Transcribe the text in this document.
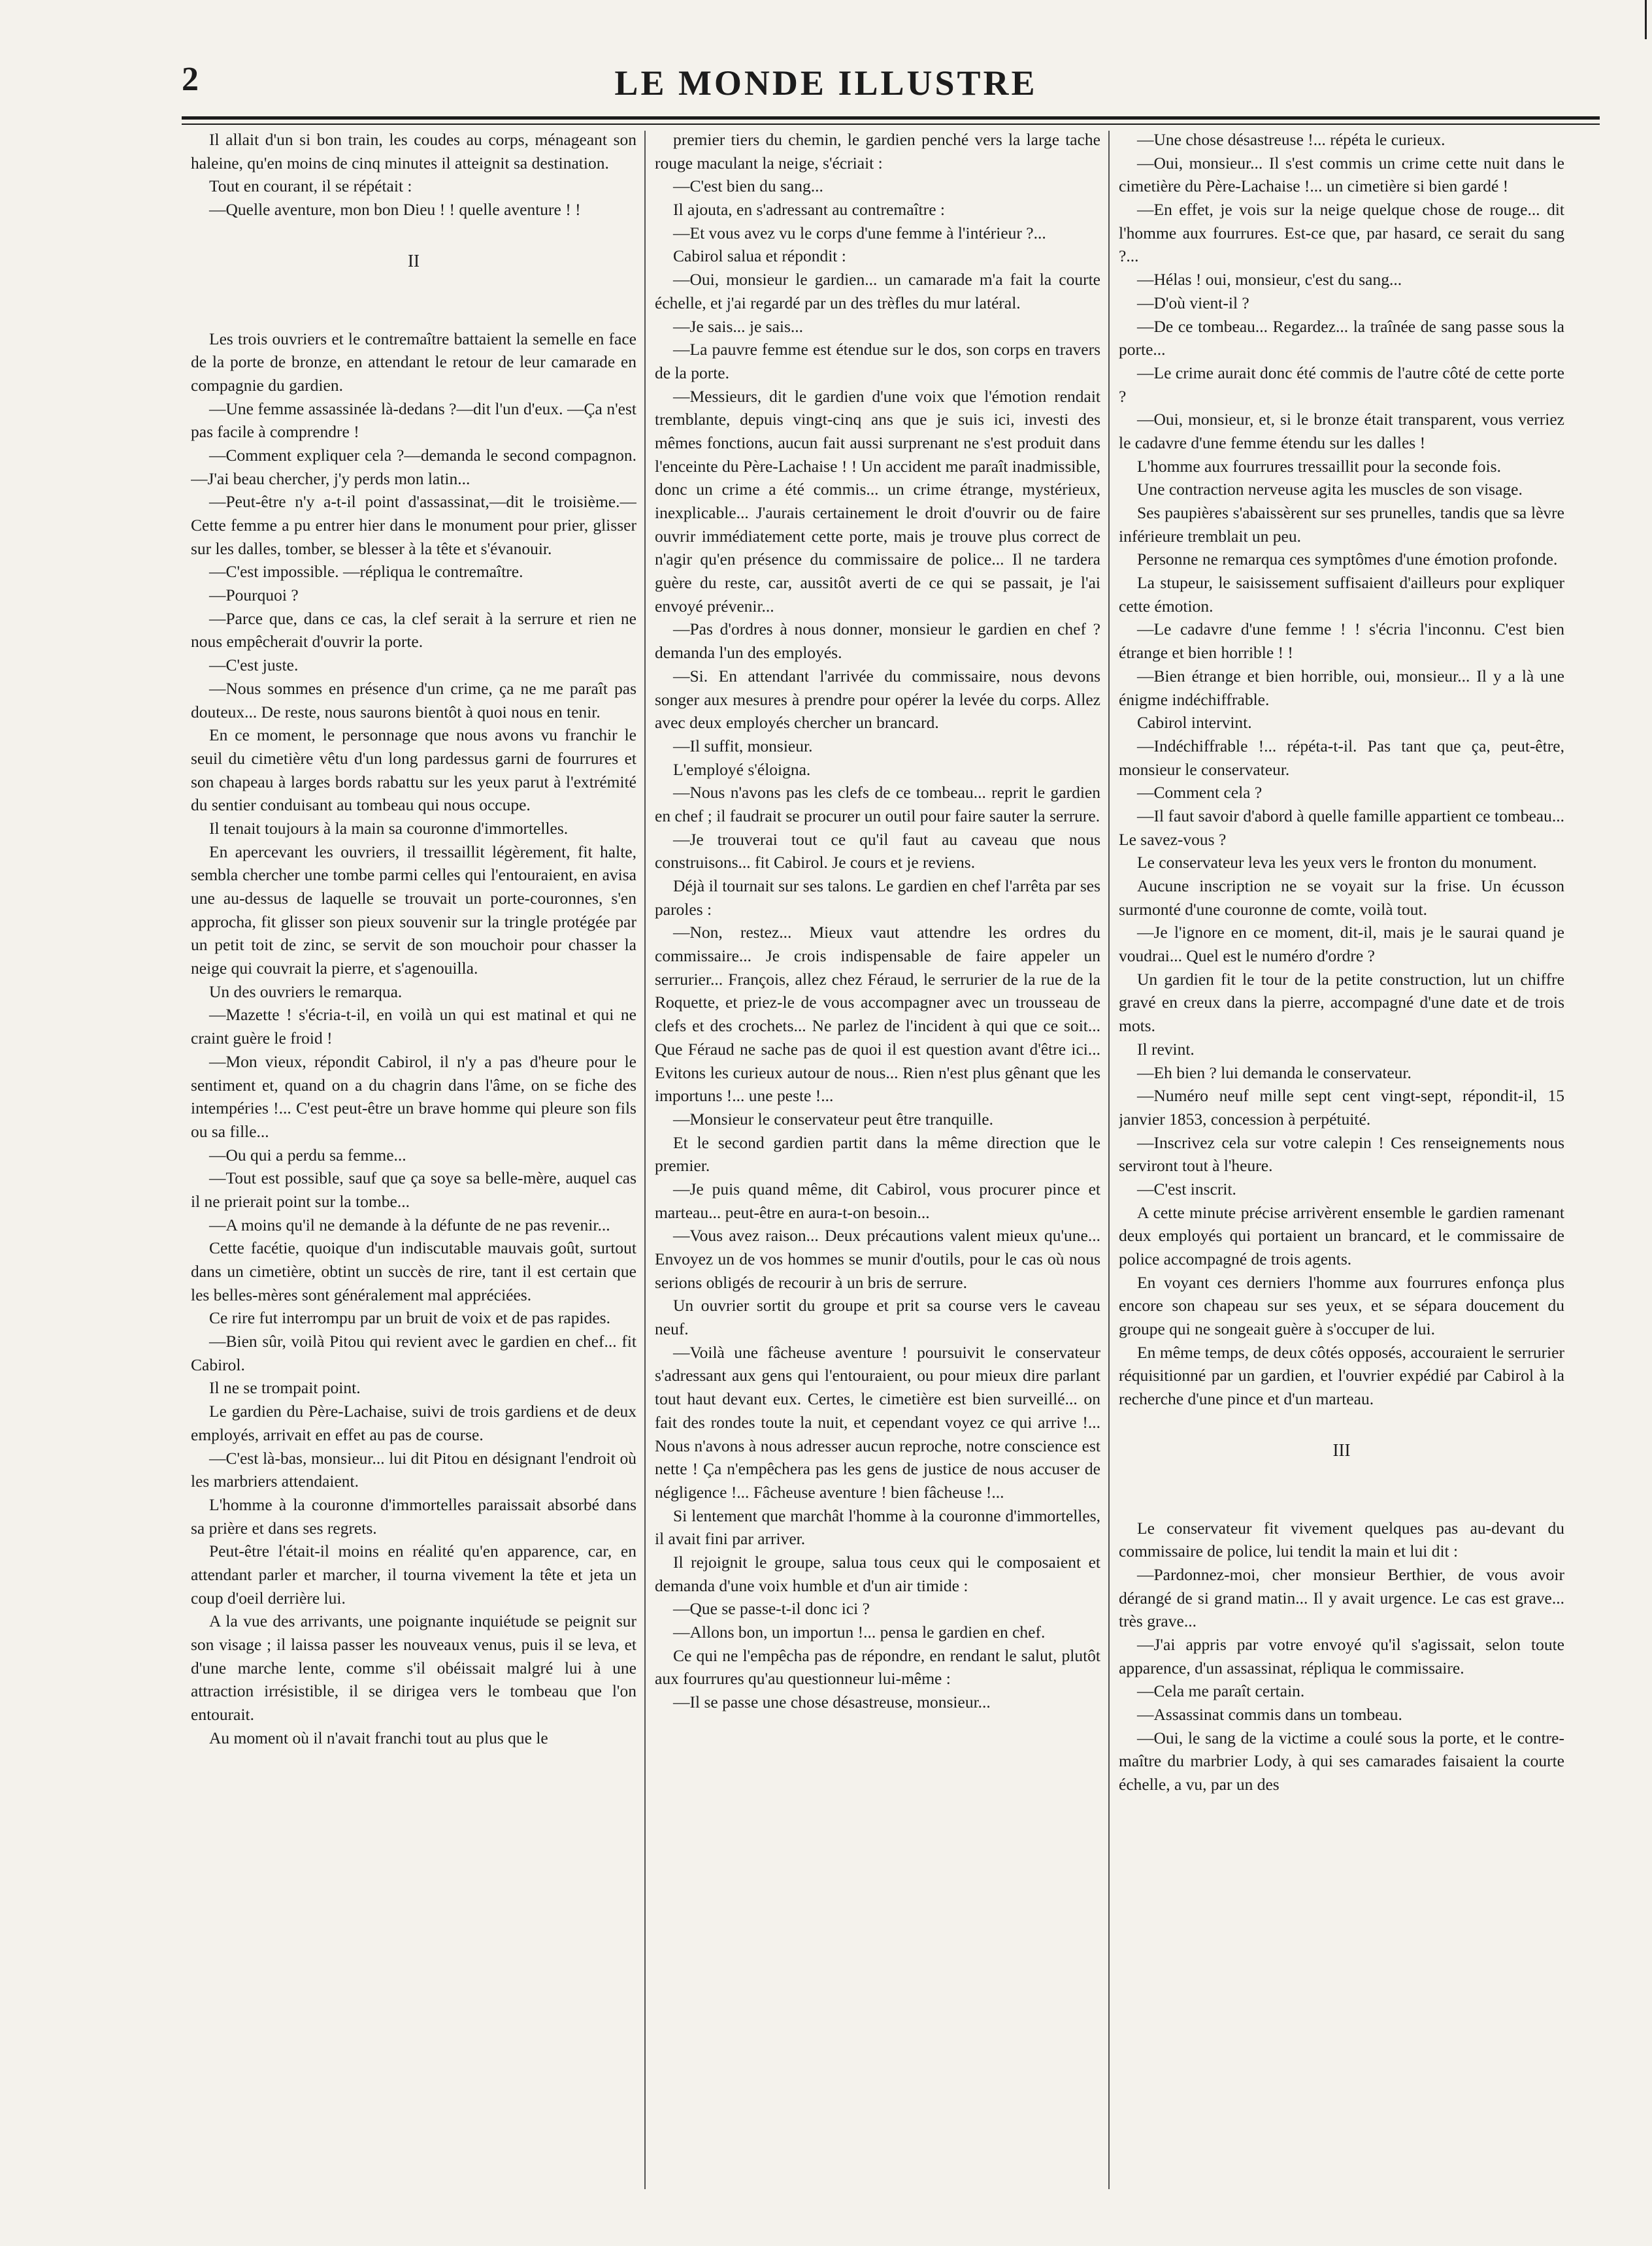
2	LE MONDE ILLUSTRE

Il allait d'un si bon train, les coudes au corps, ménageant son haleine, qu'en moins de cinq minutes il atteignit sa destination.

Tout en courant, il se répétait :

—Quelle aventure, mon bon Dieu ! ! quelle aventure ! !

II

Les trois ouvriers et le contremaître battaient la semelle en face de la porte de bronze, en attendant le retour de leur camarade en compagnie du gardien.

—Une femme assassinée là-dedans ?—dit l'un d'eux. —Ça n'est pas facile à comprendre !

—Comment expliquer cela ?—demanda le second compagnon.—J'ai beau chercher, j'y perds mon latin...

—Peut-être n'y a-t-il point d'assassinat,—dit le troisième.—Cette femme a pu entrer hier dans le monument pour prier, glisser sur les dalles, tomber, se blesser à la tête et s'évanouir.

—C'est impossible. —répliqua le contremaître.

—Pourquoi ?

—Parce que, dans ce cas, la clef serait à la serrure et rien ne nous empêcherait d'ouvrir la porte.

—C'est juste.

—Nous sommes en présence d'un crime, ça ne me paraît pas douteux... De reste, nous saurons bientôt à quoi nous en tenir.

En ce moment, le personnage que nous avons vu franchir le seuil du cimetière vêtu d'un long pardessus garni de fourrures et son chapeau à larges bords rabattu sur les yeux parut à l'extrémité du sentier conduisant au tombeau qui nous occupe.

Il tenait toujours à la main sa couronne d'immortelles.

En apercevant les ouvriers, il tressaillit légèrement, fit halte, sembla chercher une tombe parmi celles qui l'entouraient, en avisa une au-dessus de laquelle se trouvait un porte-couronnes, s'en approcha, fit glisser son pieux souvenir sur la tringle protégée par un petit toit de zinc, se servit de son mouchoir pour chasser la neige qui couvrait la pierre, et s'agenouilla.

Un des ouvriers le remarqua.

—Mazette ! s'écria-t-il, en voilà un qui est matinal et qui ne craint guère le froid !

—Mon vieux, répondit Cabirol, il n'y a pas d'heure pour le sentiment et, quand on a du chagrin dans l'âme, on se fiche des intempéries !... C'est peut-être un brave homme qui pleure son fils ou sa fille...

—Ou qui a perdu sa femme...

—Tout est possible, sauf que ça soye sa belle-mère, auquel cas il ne prierait point sur la tombe...

—A moins qu'il ne demande à la défunte de ne pas revenir...

Cette facétie, quoique d'un indiscutable mauvais goût, surtout dans un cimetière, obtint un succès de rire, tant il est certain que les belles-mères sont généralement mal appréciées.

Ce rire fut interrompu par un bruit de voix et de pas rapides.

—Bien sûr, voilà Pitou qui revient avec le gardien en chef... fit Cabirol.

Il ne se trompait point.

Le gardien du Père-Lachaise, suivi de trois gardiens et de deux employés, arrivait en effet au pas de course.

—C'est là-bas, monsieur... lui dit Pitou en désignant l'endroit où les marbriers attendaient.

L'homme à la couronne d'immortelles paraissait absorbé dans sa prière et dans ses regrets.

Peut-être l'était-il moins en réalité qu'en apparence, car, en attendant parler et marcher, il tourna vivement la tête et jeta un coup d'oeil derrière lui.

A la vue des arrivants, une poignante inquiétude se peignit sur son visage ; il laissa passer les nouveaux venus, puis il se leva, et d'une marche lente, comme s'il obéissait malgré lui à une attraction irrésistible, il se dirigea vers le tombeau que l'on entourait.

Au moment où il n'avait franchi tout au plus que le

premier tiers du chemin, le gardien penché vers la large tache rouge maculant la neige, s'écriait :

—C'est bien du sang...

Il ajouta, en s'adressant au contremaître :

—Et vous avez vu le corps d'une femme à l'intérieur ?...

Cabirol salua et répondit :

—Oui, monsieur le gardien... un camarade m'a fait la courte échelle, et j'ai regardé par un des trèfles du mur latéral.

—Je sais... je sais...

—La pauvre femme est étendue sur le dos, son corps en travers de la porte.

—Messieurs, dit le gardien d'une voix que l'émotion rendait tremblante, depuis vingt-cinq ans que je suis ici, investi des mêmes fonctions, aucun fait aussi surprenant ne s'est produit dans l'enceinte du Père-Lachaise ! ! Un accident me paraît inadmissible, donc un crime a été commis... un crime étrange, mystérieux, inexplicable... J'aurais certainement le droit d'ouvrir ou de faire ouvrir immédiatement cette porte, mais je trouve plus correct de n'agir qu'en présence du commissaire de police... Il ne tardera guère du reste, car, aussitôt averti de ce qui se passait, je l'ai envoyé prévenir...

—Pas d'ordres à nous donner, monsieur le gardien en chef ? demanda l'un des employés.

—Si. En attendant l'arrivée du commissaire, nous devons songer aux mesures à prendre pour opérer la levée du corps. Allez avec deux employés chercher un brancard.

—Il suffit, monsieur.

L'employé s'éloigna.

—Nous n'avons pas les clefs de ce tombeau... reprit le gardien en chef ; il faudrait se procurer un outil pour faire sauter la serrure.

—Je trouverai tout ce qu'il faut au caveau que nous construisons... fit Cabirol. Je cours et je reviens.

Déjà il tournait sur ses talons. Le gardien en chef l'arrêta par ses paroles :

—Non, restez... Mieux vaut attendre les ordres du commissaire... Je crois indispensable de faire appeler un serrurier... François, allez chez Féraud, le serrurier de la rue de la Roquette, et priez-le de vous accompagner avec un trousseau de clefs et des crochets... Ne parlez de l'incident à qui que ce soit... Que Féraud ne sache pas de quoi il est question avant d'être ici... Evitons les curieux autour de nous... Rien n'est plus gênant que les importuns !... une peste !...

—Monsieur le conservateur peut être tranquille.

Et le second gardien partit dans la même direction que le premier.

—Je puis quand même, dit Cabirol, vous procurer pince et marteau... peut-être en aura-t-on besoin...

—Vous avez raison... Deux précautions valent mieux qu'une... Envoyez un de vos hommes se munir d'outils, pour le cas où nous serions obligés de recourir à un bris de serrure.

Un ouvrier sortit du groupe et prit sa course vers le caveau neuf.

—Voilà une fâcheuse aventure ! poursuivit le conservateur s'adressant aux gens qui l'entouraient, ou pour mieux dire parlant tout haut devant eux. Certes, le cimetière est bien surveillé... on fait des rondes toute la nuit, et cependant voyez ce qui arrive !... Nous n'avons à nous adresser aucun reproche, notre conscience est nette ! Ça n'empêchera pas les gens de justice de nous accuser de négligence !... Fâcheuse aventure ! bien fâcheuse !...

Si lentement que marchât l'homme à la couronne d'immortelles, il avait fini par arriver.

Il rejoignit le groupe, salua tous ceux qui le composaient et demanda d'une voix humble et d'un air timide :

—Que se passe-t-il donc ici ?

—Allons bon, un importun !... pensa le gardien en chef.

Ce qui ne l'empêcha pas de répondre, en rendant le salut, plutôt aux fourrures qu'au questionneur lui-même :

—Il se passe une chose désastreuse, monsieur...

—Une chose désastreuse !... répéta le curieux.

—Oui, monsieur... Il s'est commis un crime cette nuit dans le cimetière du Père-Lachaise !... un cimetière si bien gardé !

—En effet, je vois sur la neige quelque chose de rouge... dit l'homme aux fourrures. Est-ce que, par hasard, ce serait du sang ?...

—Hélas ! oui, monsieur, c'est du sang...

—D'où vient-il ?

—De ce tombeau... Regardez... la traînée de sang passe sous la porte...

—Le crime aurait donc été commis de l'autre côté de cette porte ?

—Oui, monsieur, et, si le bronze était transparent, vous verriez le cadavre d'une femme étendu sur les dalles !

L'homme aux fourrures tressaillit pour la seconde fois.

Une contraction nerveuse agita les muscles de son visage.

Ses paupières s'abaissèrent sur ses prunelles, tandis que sa lèvre inférieure tremblait un peu.

Personne ne remarqua ces symptômes d'une émotion profonde.

La stupeur, le saisissement suffisaient d'ailleurs pour expliquer cette émotion.

—Le cadavre d'une femme ! ! s'écria l'inconnu. C'est bien étrange et bien horrible ! !

—Bien étrange et bien horrible, oui, monsieur... Il y a là une énigme indéchiffrable.

Cabirol intervint.

—Indéchiffrable !... répéta-t-il. Pas tant que ça, peut-être, monsieur le conservateur.

—Comment cela ?

—Il faut savoir d'abord à quelle famille appartient ce tombeau... Le savez-vous ?

Le conservateur leva les yeux vers le fronton du monument.

Aucune inscription ne se voyait sur la frise. Un écusson surmonté d'une couronne de comte, voilà tout.

—Je l'ignore en ce moment, dit-il, mais je le saurai quand je voudrai... Quel est le numéro d'ordre ?

Un gardien fit le tour de la petite construction, lut un chiffre gravé en creux dans la pierre, accompagné d'une date et de trois mots.

Il revint.

—Eh bien ? lui demanda le conservateur.

—Numéro neuf mille sept cent vingt-sept, répondit-il, 15 janvier 1853, concession à perpétuité.

—Inscrivez cela sur votre calepin ! Ces renseignements nous serviront tout à l'heure.

—C'est inscrit.

A cette minute précise arrivèrent ensemble le gardien ramenant deux employés qui portaient un brancard, et le commissaire de police accompagné de trois agents.

En voyant ces derniers l'homme aux fourrures enfonça plus encore son chapeau sur ses yeux, et se sépara doucement du groupe qui ne songeait guère à s'occuper de lui.

En même temps, de deux côtés opposés, accouraient le serrurier réquisitionné par un gardien, et l'ouvrier expédié par Cabirol à la recherche d'une pince et d'un marteau.

III

Le conservateur fit vivement quelques pas au-devant du commissaire de police, lui tendit la main et lui dit :

—Pardonnez-moi, cher monsieur Berthier, de vous avoir dérangé de si grand matin... Il y avait urgence. Le cas est grave... très grave...

—J'ai appris par votre envoyé qu'il s'agissait, selon toute apparence, d'un assassinat, répliqua le commissaire.

—Cela me paraît certain.

—Assassinat commis dans un tombeau.

—Oui, le sang de la victime a coulé sous la porte, et le contre-maître du marbrier Lody, à qui ses camarades faisaient la courte échelle, a vu, par un des
